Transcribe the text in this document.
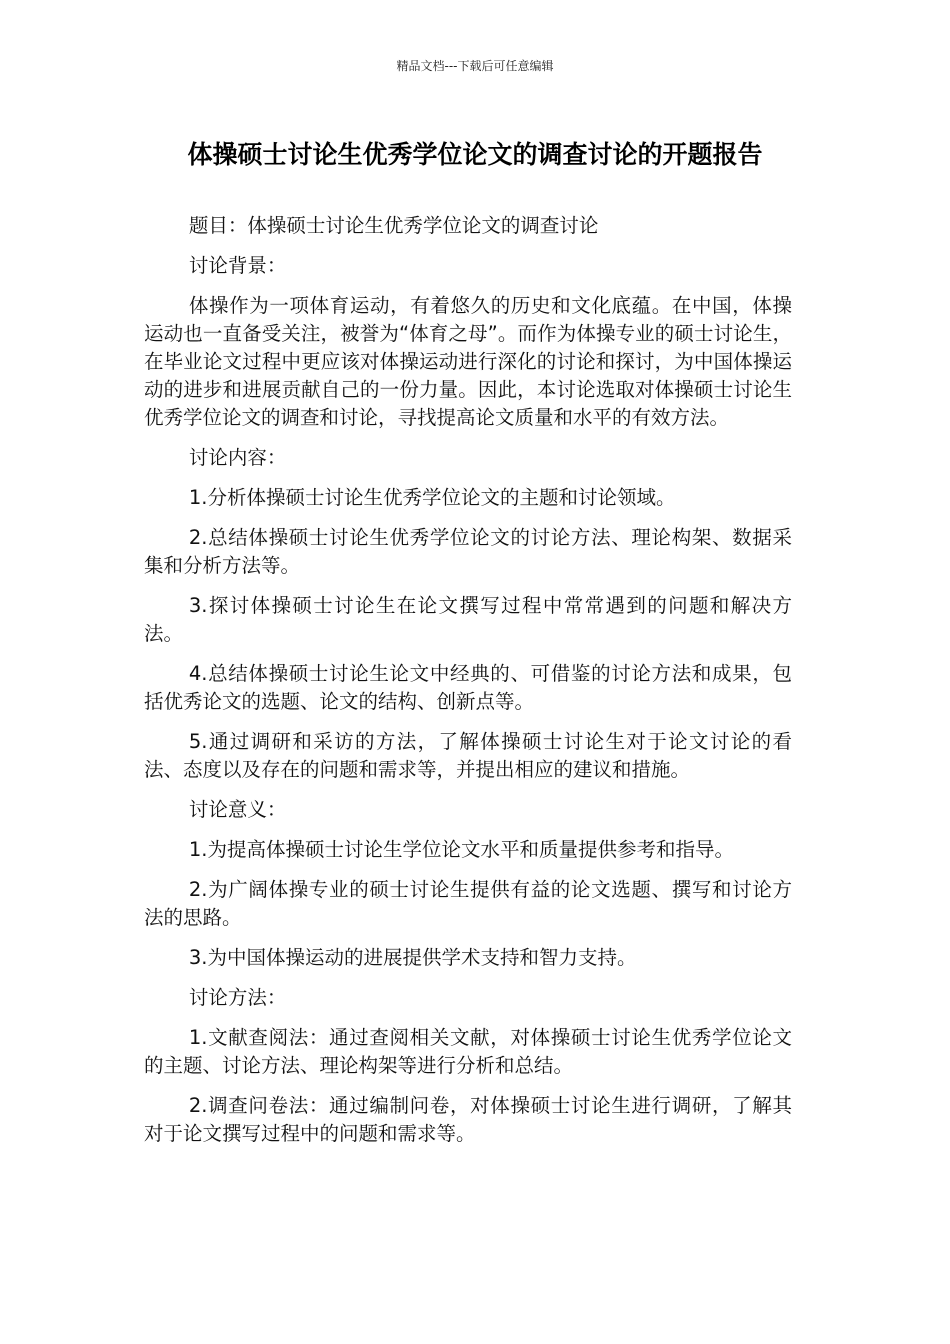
精品文档---下载后可任意编辑
体操硕士讨论生优秀学位论文的调查讨论的开题报告

题目：体操硕士讨论生优秀学位论文的调查讨论

讨论背景：

体操作为一项体育运动，有着悠久的历史和文化底蕴。在中国，体操运动也一直备受关注，被誉为“体育之母”。而作为体操专业的硕士讨论生，在毕业论文过程中更应该对体操运动进行深化的讨论和探讨，为中国体操运动的进步和进展贡献自己的一份力量。因此，本讨论选取对体操硕士讨论生优秀学位论文的调查和讨论，寻找提高论文质量和水平的有效方法。

讨论内容：

1.分析体操硕士讨论生优秀学位论文的主题和讨论领域。

2.总结体操硕士讨论生优秀学位论文的讨论方法、理论构架、数据采集和分析方法等。

3.探讨体操硕士讨论生在论文撰写过程中常常遇到的问题和解决方法。

4.总结体操硕士讨论生论文中经典的、可借鉴的讨论方法和成果，包括优秀论文的选题、论文的结构、创新点等。

5.通过调研和采访的方法，了解体操硕士讨论生对于论文讨论的看法、态度以及存在的问题和需求等，并提出相应的建议和措施。

讨论意义：

1.为提高体操硕士讨论生学位论文水平和质量提供参考和指导。

2.为广阔体操专业的硕士讨论生提供有益的论文选题、撰写和讨论方法的思路。

3.为中国体操运动的进展提供学术支持和智力支持。

讨论方法：

1.文献查阅法：通过查阅相关文献，对体操硕士讨论生优秀学位论文的主题、讨论方法、理论构架等进行分析和总结。

2.调查问卷法：通过编制问卷，对体操硕士讨论生进行调研，了解其对于论文撰写过程中的问题和需求等。
